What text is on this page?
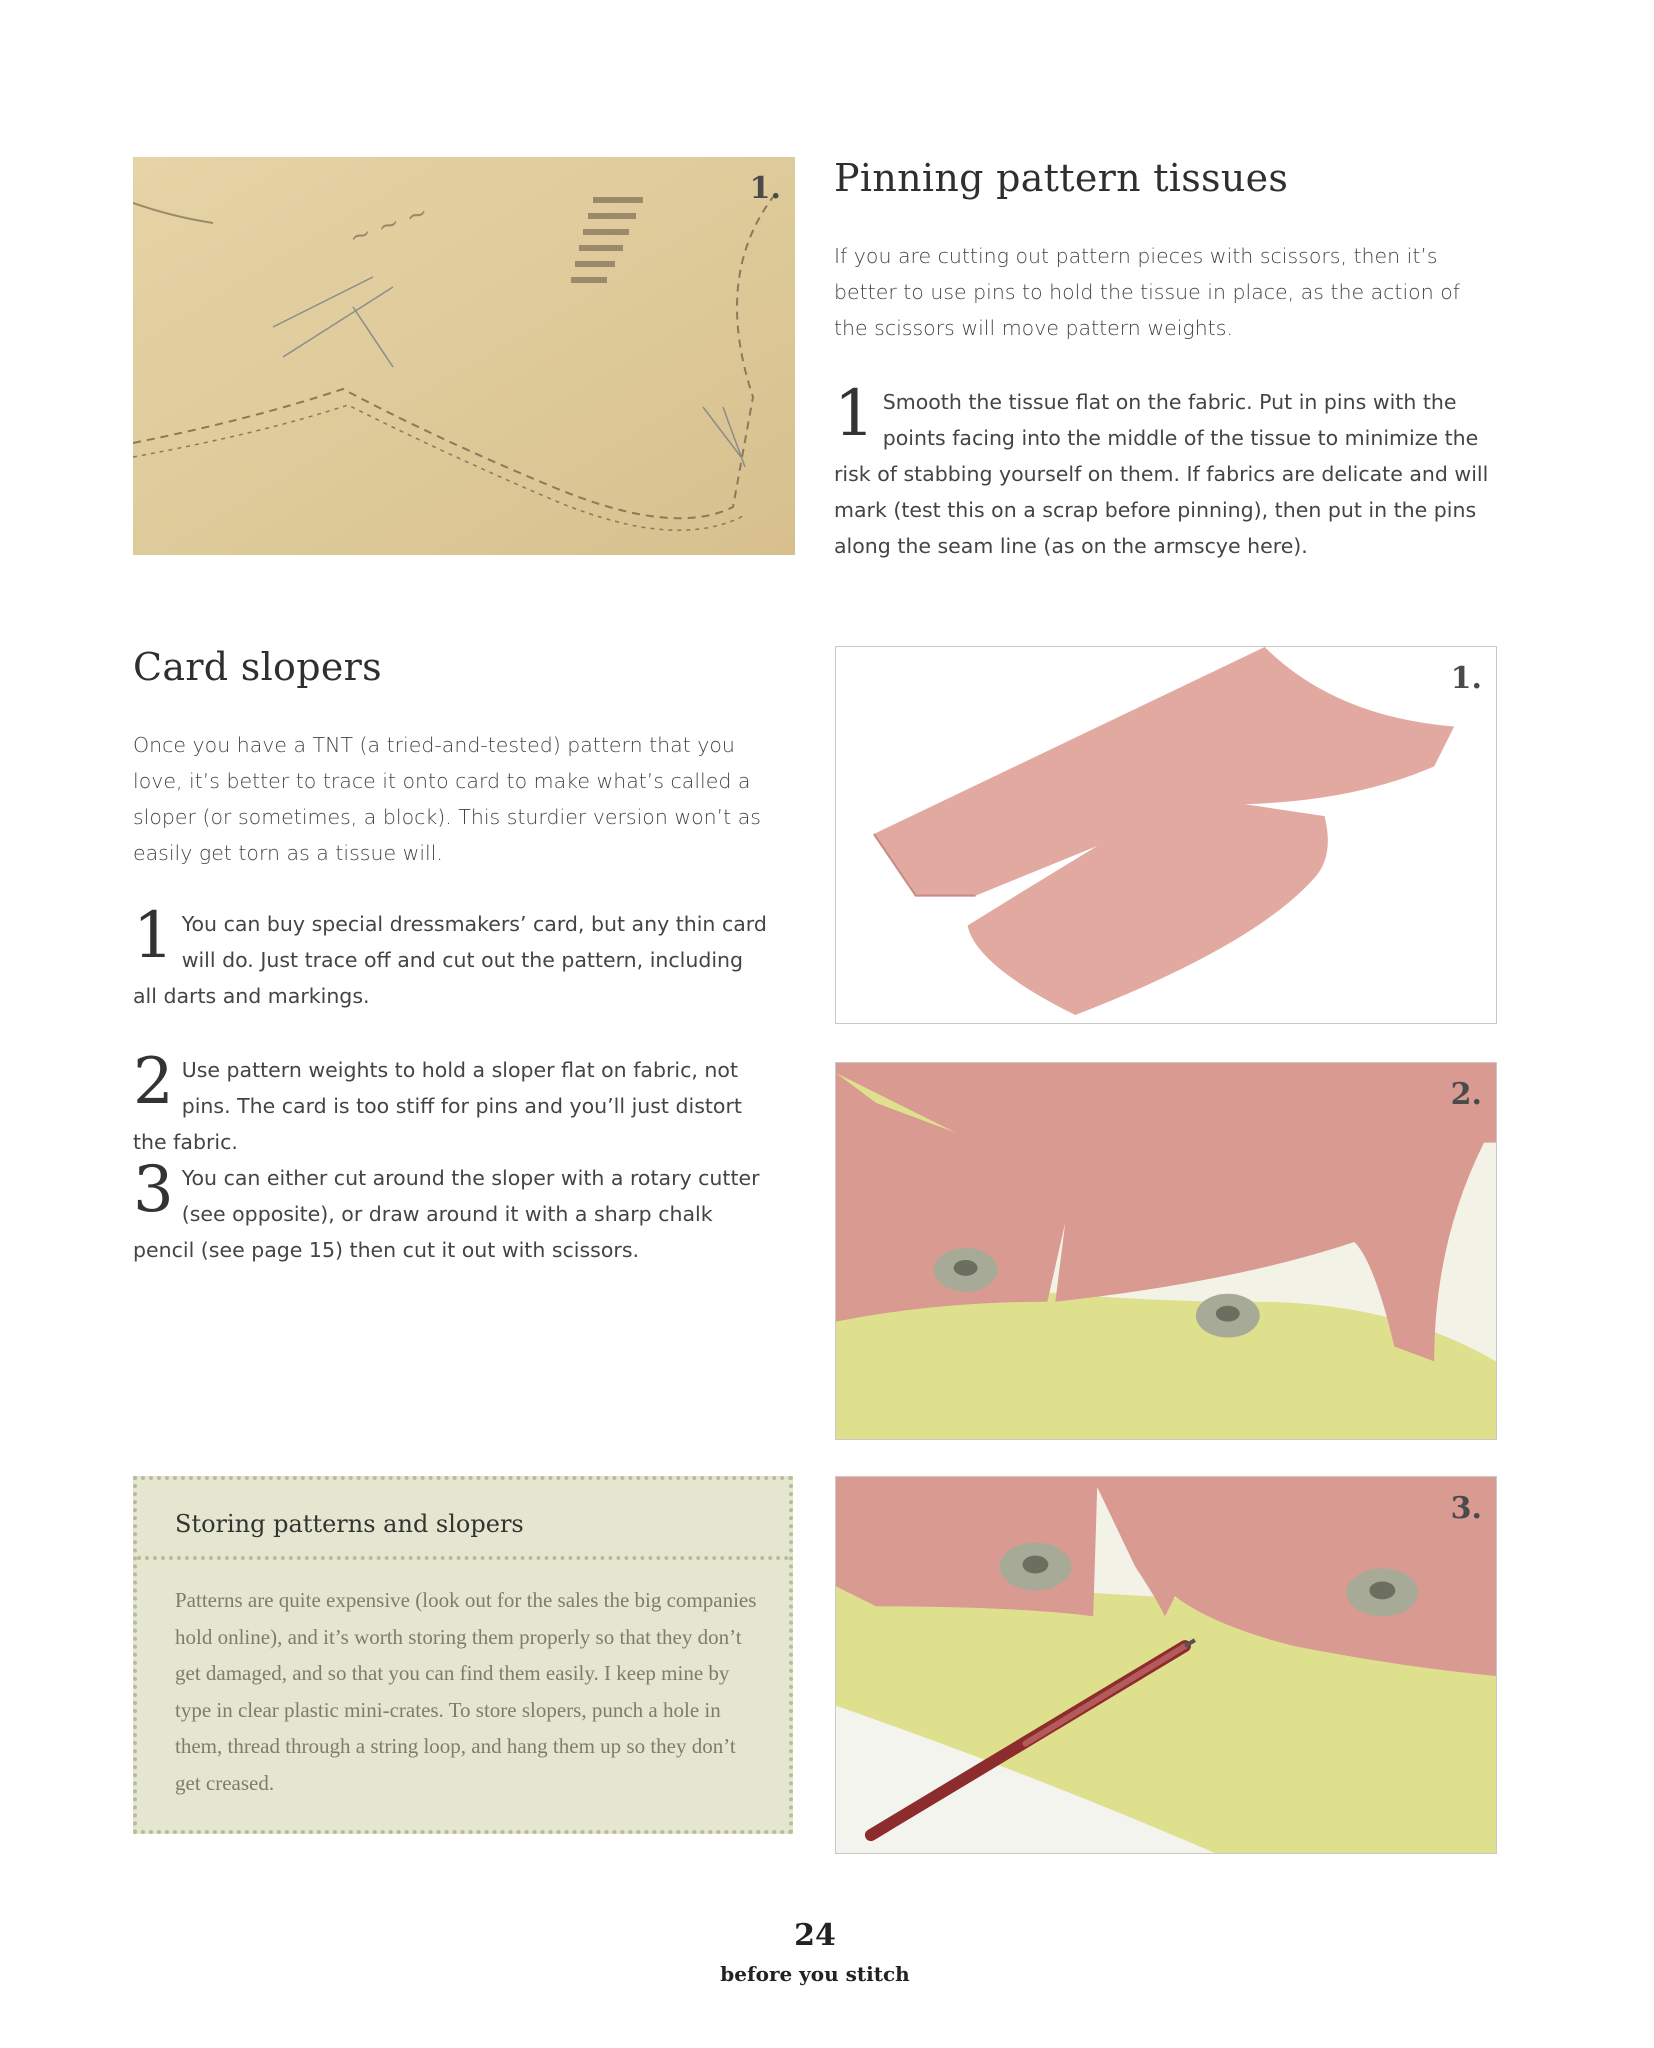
~ ~ ~
1. Pinning pattern tissues

If you are cutting out pattern pieces with scissors, then it’s better to use pins to hold the tissue in place, as the action of the scissors will move pattern weights.

1 Smooth the tissue flat on the fabric. Put in pins with the points facing into the middle of the tissue to minimize the risk of stabbing yourself on them. If fabrics are delicate and will mark (test this on a scrap before pinning), then put in the pins along the seam line (as on the armscye here).
Card slopers

Once you have a TNT (a tried-and-tested) pattern that you love, it’s better to trace it onto card to make what’s called a sloper (or sometimes, a block). This sturdier version won’t as easily get torn as a tissue will.

1 You can buy special dressmakers’ card, but any thin card will do. Just trace off and cut out the pattern, including all darts and markings.
2 Use pattern weights to hold a sloper flat on fabric, not pins. The card is too stiff for pins and you’ll just distort the fabric.
3 You can either cut around the sloper with a rotary cutter (see opposite), or draw around it with a sharp chalk pencil (see page 15) then cut it out with scissors.
1.
2.
3.
Storing patterns and slopers

Patterns are quite expensive (look out for the sales the big companies hold online), and it’s worth storing them properly so that they don’t get damaged, and so that you can find them easily. I keep mine by type in clear plastic mini-crates. To store slopers, punch a hole in them, thread through a string loop, and hang them up so they don’t get creased.

24
before you stitch
